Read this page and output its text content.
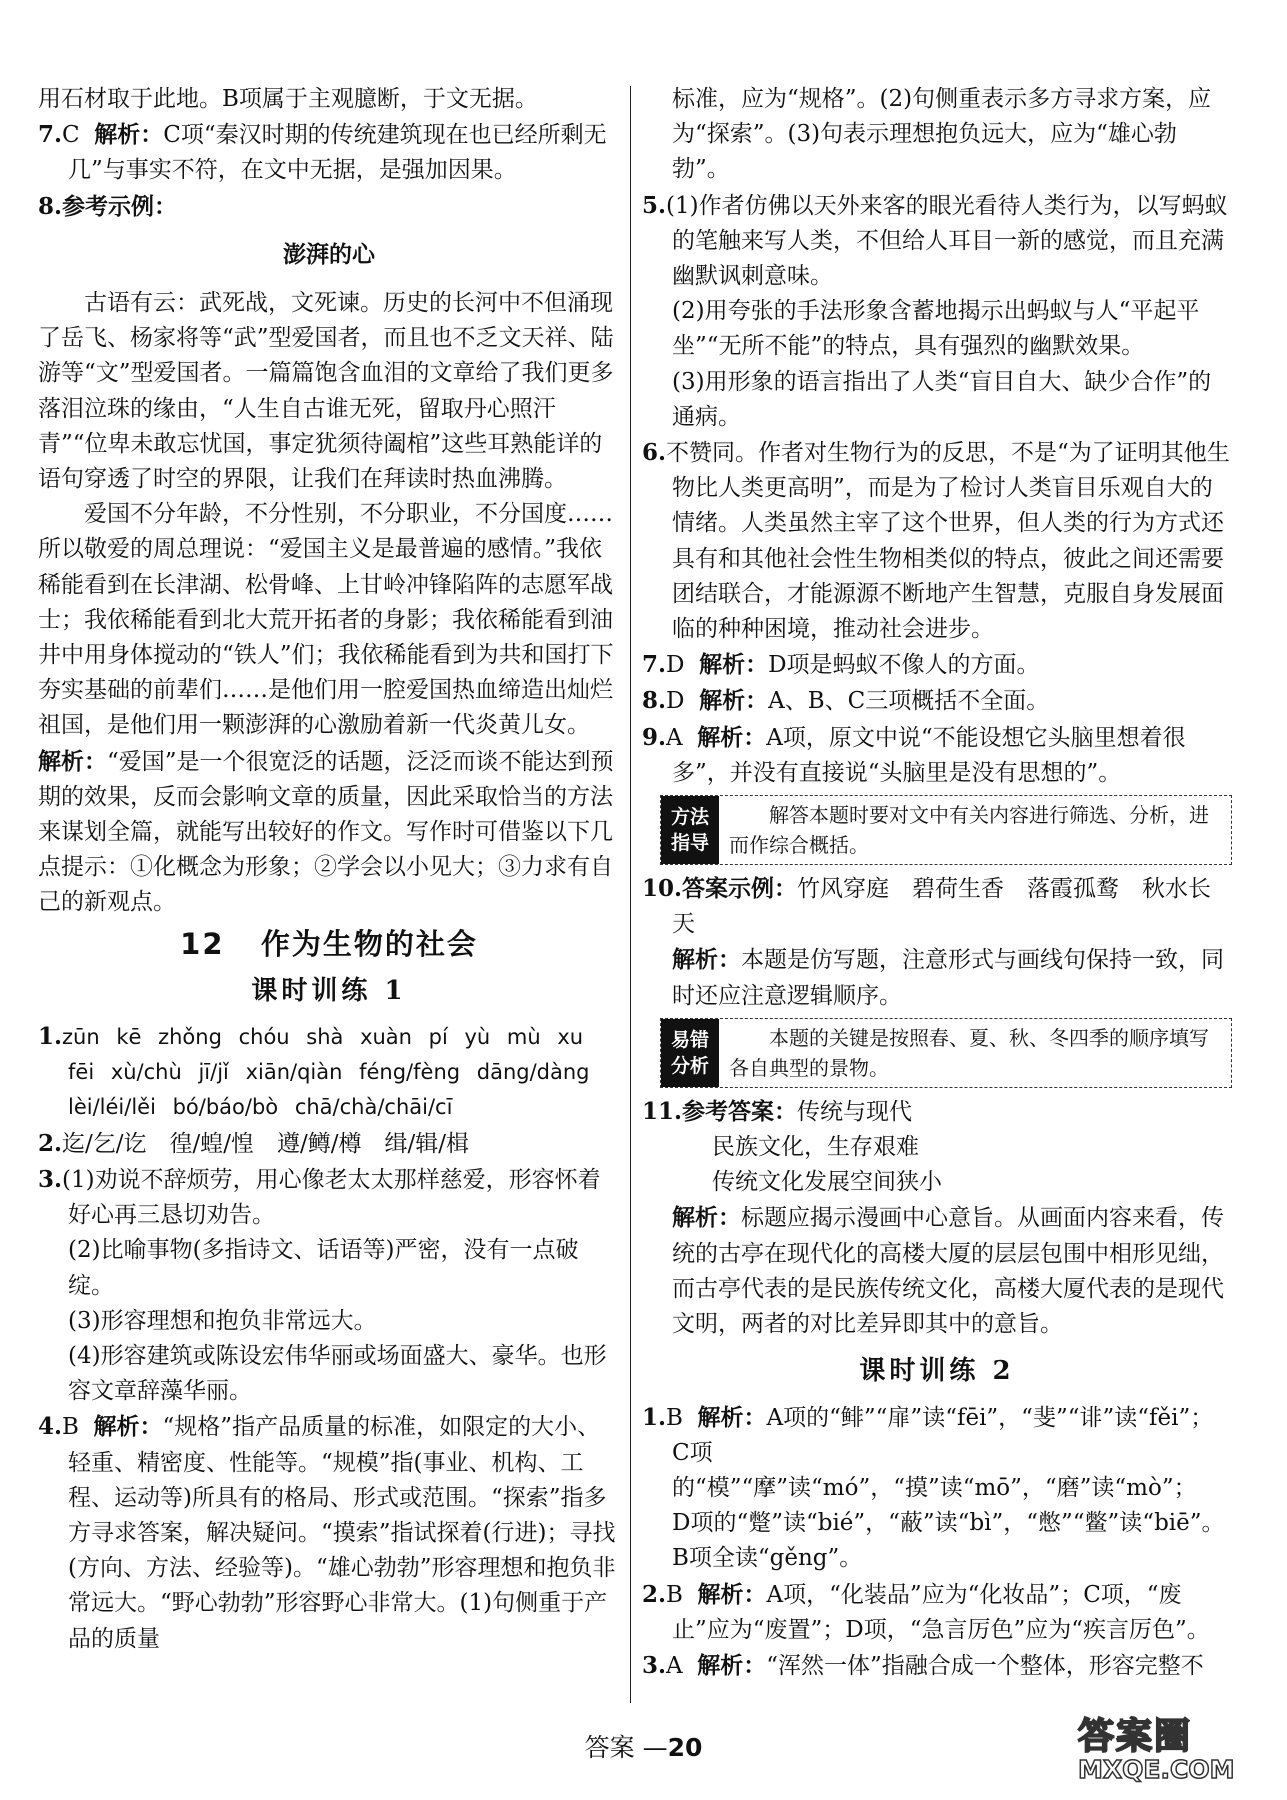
用石材取于此地。B项属于主观臆断，于文无据。

7.C 解析：C项“秦汉时期的传统建筑现在也已经所剩无几”与事实不符，在文中无据，是强加因果。

8.参考示例：

澎湃的心

古语有云：武死战，文死谏。历史的长河中不但涌现了岳飞、杨家将等“武”型爱国者，而且也不乏文天祥、陆游等“文”型爱国者。一篇篇饱含血泪的文章给了我们更多落泪泣珠的缘由，“人生自古谁无死，留取丹心照汗青”“位卑未敢忘忧国，事定犹须待阖棺”这些耳熟能详的语句穿透了时空的界限，让我们在拜读时热血沸腾。

爱国不分年龄，不分性别，不分职业，不分国度……所以敬爱的周总理说：“爱国主义是最普遍的感情。”我依稀能看到在长津湖、松骨峰、上甘岭冲锋陷阵的志愿军战士；我依稀能看到北大荒开拓者的身影；我依稀能看到油井中用身体搅动的“铁人”们；我依稀能看到为共和国打下夯实基础的前辈们……是他们用一腔爱国热血缔造出灿烂祖国，是他们用一颗澎湃的心激励着新一代炎黄儿女。

解析：“爱国”是一个很宽泛的话题，泛泛而谈不能达到预期的效果，反而会影响文章的质量，因此采取恰当的方法来谋划全篇，就能写出较好的作文。写作时可借鉴以下几点提示：①化概念为形象；②学会以小见大；③力求有自己的新观点。

12 作为生物的社会
课时训练 1

1.zūn kē zhǒng chóu shà xuàn pí yù mù xu fēi xù/chù jī/jǐ xiān/qiàn féng/fèng dāng/dàng lèi/léi/lěi bó/báo/bò chā/chà/chāi/cī

2.迄/乞/讫　徨/蝗/惶　遵/鳟/樽　缉/辑/楫

3.(1)劝说不辞烦劳，用心像老太太那样慈爱，形容怀着好心再三恳切劝告。

(2)比喻事物(多指诗文、话语等)严密，没有一点破绽。

(3)形容理想和抱负非常远大。

(4)形容建筑或陈设宏伟华丽或场面盛大、豪华。也形容文章辞藻华丽。

4.B 解析：“规格”指产品质量的标准，如限定的大小、轻重、精密度、性能等。“规模”指(事业、机构、工程、运动等)所具有的格局、形式或范围。“探索”指多方寻求答案，解决疑问。“摸索”指试探着(行进)；寻找(方向、方法、经验等)。“雄心勃勃”形容理想和抱负非常远大。“野心勃勃”形容野心非常大。(1)句侧重于产品的质量

标准，应为“规格”。(2)句侧重表示多方寻求方案，应为“探索”。(3)句表示理想抱负远大，应为“雄心勃勃”。

5.(1)作者仿佛以天外来客的眼光看待人类行为，以写蚂蚁的笔触来写人类，不但给人耳目一新的感觉，而且充满幽默讽刺意味。

(2)用夸张的手法形象含蓄地揭示出蚂蚁与人“平起平坐”“无所不能”的特点，具有强烈的幽默效果。

(3)用形象的语言指出了人类“盲目自大、缺少合作”的通病。

6.不赞同。作者对生物行为的反思，不是“为了证明其他生物比人类更高明”，而是为了检讨人类盲目乐观自大的情绪。人类虽然主宰了这个世界，但人类的行为方式还具有和其他社会性生物相类似的特点，彼此之间还需要团结联合，才能源源不断地产生智慧，克服自身发展面临的种种困境，推动社会进步。

7.D 解析：D项是蚂蚁不像人的方面。

8.D 解析：A、B、C三项概括不全面。

9.A 解析：A项，原文中说“不能设想它头脑里想着很多”，并没有直接说“头脑里是没有思想的”。

方法
指导
解答本题时要对文中有关内容进行筛选、分析，进而作综合概括。

10.答案示例：竹风穿庭　碧荷生香　落霞孤鹜　秋水长天

解析：本题是仿写题，注意形式与画线句保持一致，同时还应注意逻辑顺序。

易错
分析
本题的关键是按照春、夏、秋、冬四季的顺序填写各自典型的景物。

11.参考答案：传统与现代

民族文化，生存艰难

传统文化发展空间狭小

解析：标题应揭示漫画中心意旨。从画面内容来看，传统的古亭在现代化的高楼大厦的层层包围中相形见绌，而古亭代表的是民族传统文化，高楼大厦代表的是现代文明，两者的对比差异即其中的意旨。

课时训练 2

1.B 解析：A项的“鲱”“扉”读“fēi”，“斐”“诽”读“fěi”；

C项的“模”“摩”读“mó”，“摸”读“mō”，“磨”读“mò”；

D项的“蹩”读“bié”，“蔽”读“bì”，“憋”“鳖”读“biē”。

B项全读“gěng”。

2.B 解析：A项，“化装品”应为“化妆品”；C项，“废止”应为“废置”；D项，“急言厉色”应为“疾言厉色”。

3.A 解析：“浑然一体”指融合成一个整体，形容完整不

答案 —20	答案圈
MXQE.COM
